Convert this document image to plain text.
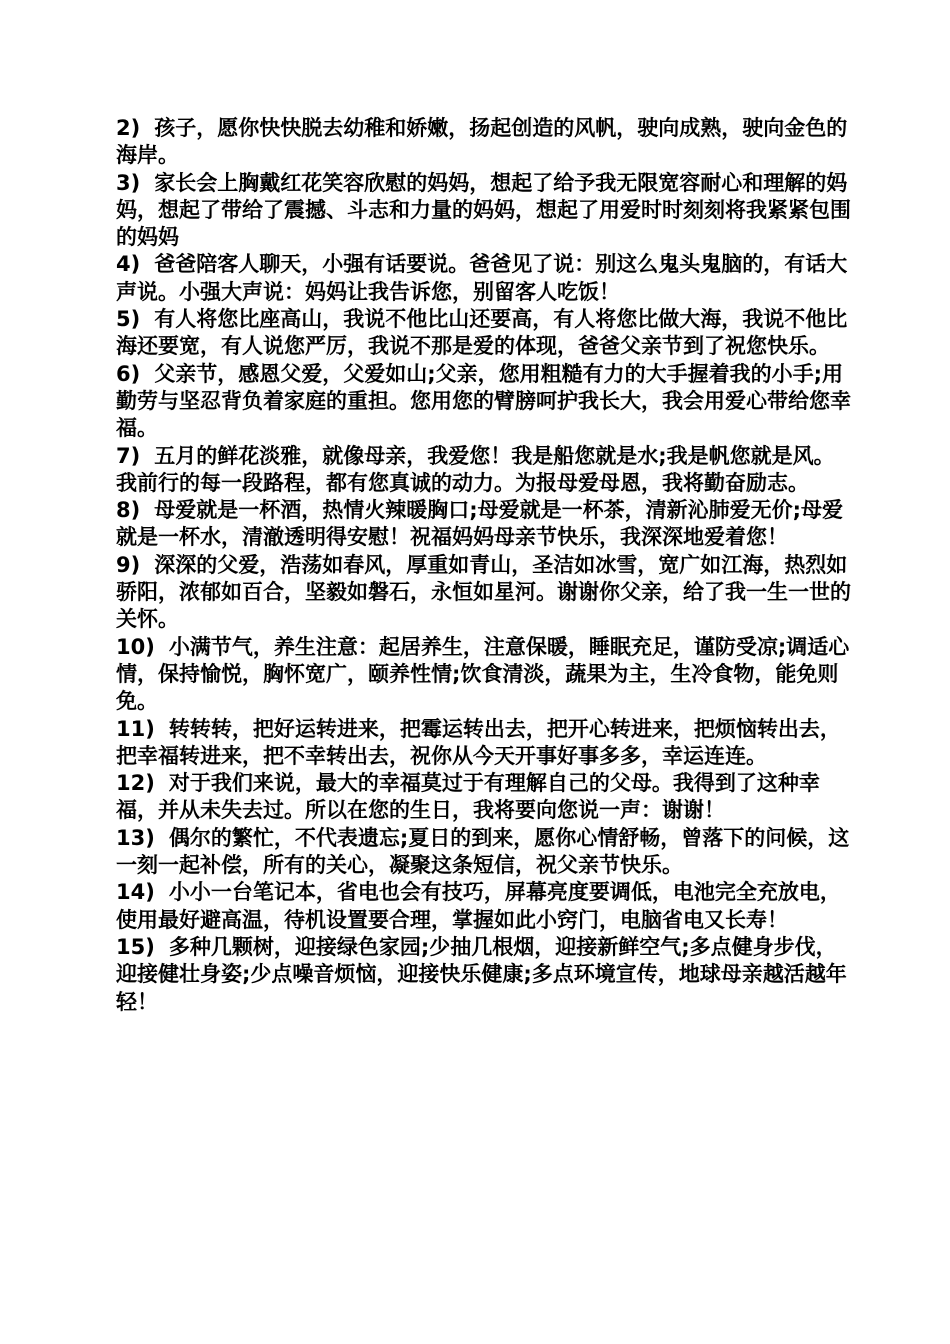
2) 孩子，愿你快快脱去幼稚和娇嫩，扬起创造的风帆，驶向成熟，驶向金色的海岸。

3) 家长会上胸戴红花笑容欣慰的妈妈，想起了给予我无限宽容耐心和理解的妈妈，想起了带给了震撼、斗志和力量的妈妈，想起了用爱时时刻刻将我紧紧包围的妈妈

4) 爸爸陪客人聊天，小强有话要说。爸爸见了说：别这么鬼头鬼脑的，有话大声说。小强大声说：妈妈让我告诉您，别留客人吃饭！

5) 有人将您比座高山，我说不他比山还要高，有人将您比做大海，我说不他比海还要宽，有人说您严厉，我说不那是爱的体现，爸爸父亲节到了祝您快乐。

6) 父亲节，感恩父爱，父爱如山;父亲，您用粗糙有力的大手握着我的小手;用勤劳与坚忍背负着家庭的重担。您用您的臂膀呵护我长大，我会用爱心带给您幸福。

7) 五月的鲜花淡雅，就像母亲，我爱您！我是船您就是水;我是帆您就是风。我前行的每一段路程，都有您真诚的动力。为报母爱母恩，我将勤奋励志。

8) 母爱就是一杯酒，热情火辣暖胸口;母爱就是一杯茶，清新沁肺爱无价;母爱就是一杯水，清澈透明得安慰！祝福妈妈母亲节快乐，我深深地爱着您！

9) 深深的父爱，浩荡如春风，厚重如青山，圣洁如冰雪，宽广如江海，热烈如骄阳，浓郁如百合，坚毅如磐石，永恒如星河。谢谢你父亲，给了我一生一世的关怀。

10) 小满节气，养生注意：起居养生，注意保暖，睡眠充足，谨防受凉;调适心情，保持愉悦，胸怀宽广，颐养性情;饮食清淡，蔬果为主，生冷食物，能免则免。

11) 转转转，把好运转进来，把霉运转出去，把开心转进来，把烦恼转出去，把幸福转进来，把不幸转出去，祝你从今天开事好事多多，幸运连连。

12) 对于我们来说，最大的幸福莫过于有理解自己的父母。我得到了这种幸福，并从未失去过。所以在您的生日，我将要向您说一声：谢谢！

13) 偶尔的繁忙，不代表遗忘;夏日的到来，愿你心情舒畅，曾落下的问候，这一刻一起补偿，所有的关心，凝聚这条短信，祝父亲节快乐。

14) 小小一台笔记本，省电也会有技巧，屏幕亮度要调低，电池完全充放电，使用最好避高温，待机设置要合理，掌握如此小窍门，电脑省电又长寿！

15) 多种几颗树，迎接绿色家园;少抽几根烟，迎接新鲜空气;多点健身步伐，迎接健壮身姿;少点噪音烦恼，迎接快乐健康;多点环境宣传，地球母亲越活越年轻！
